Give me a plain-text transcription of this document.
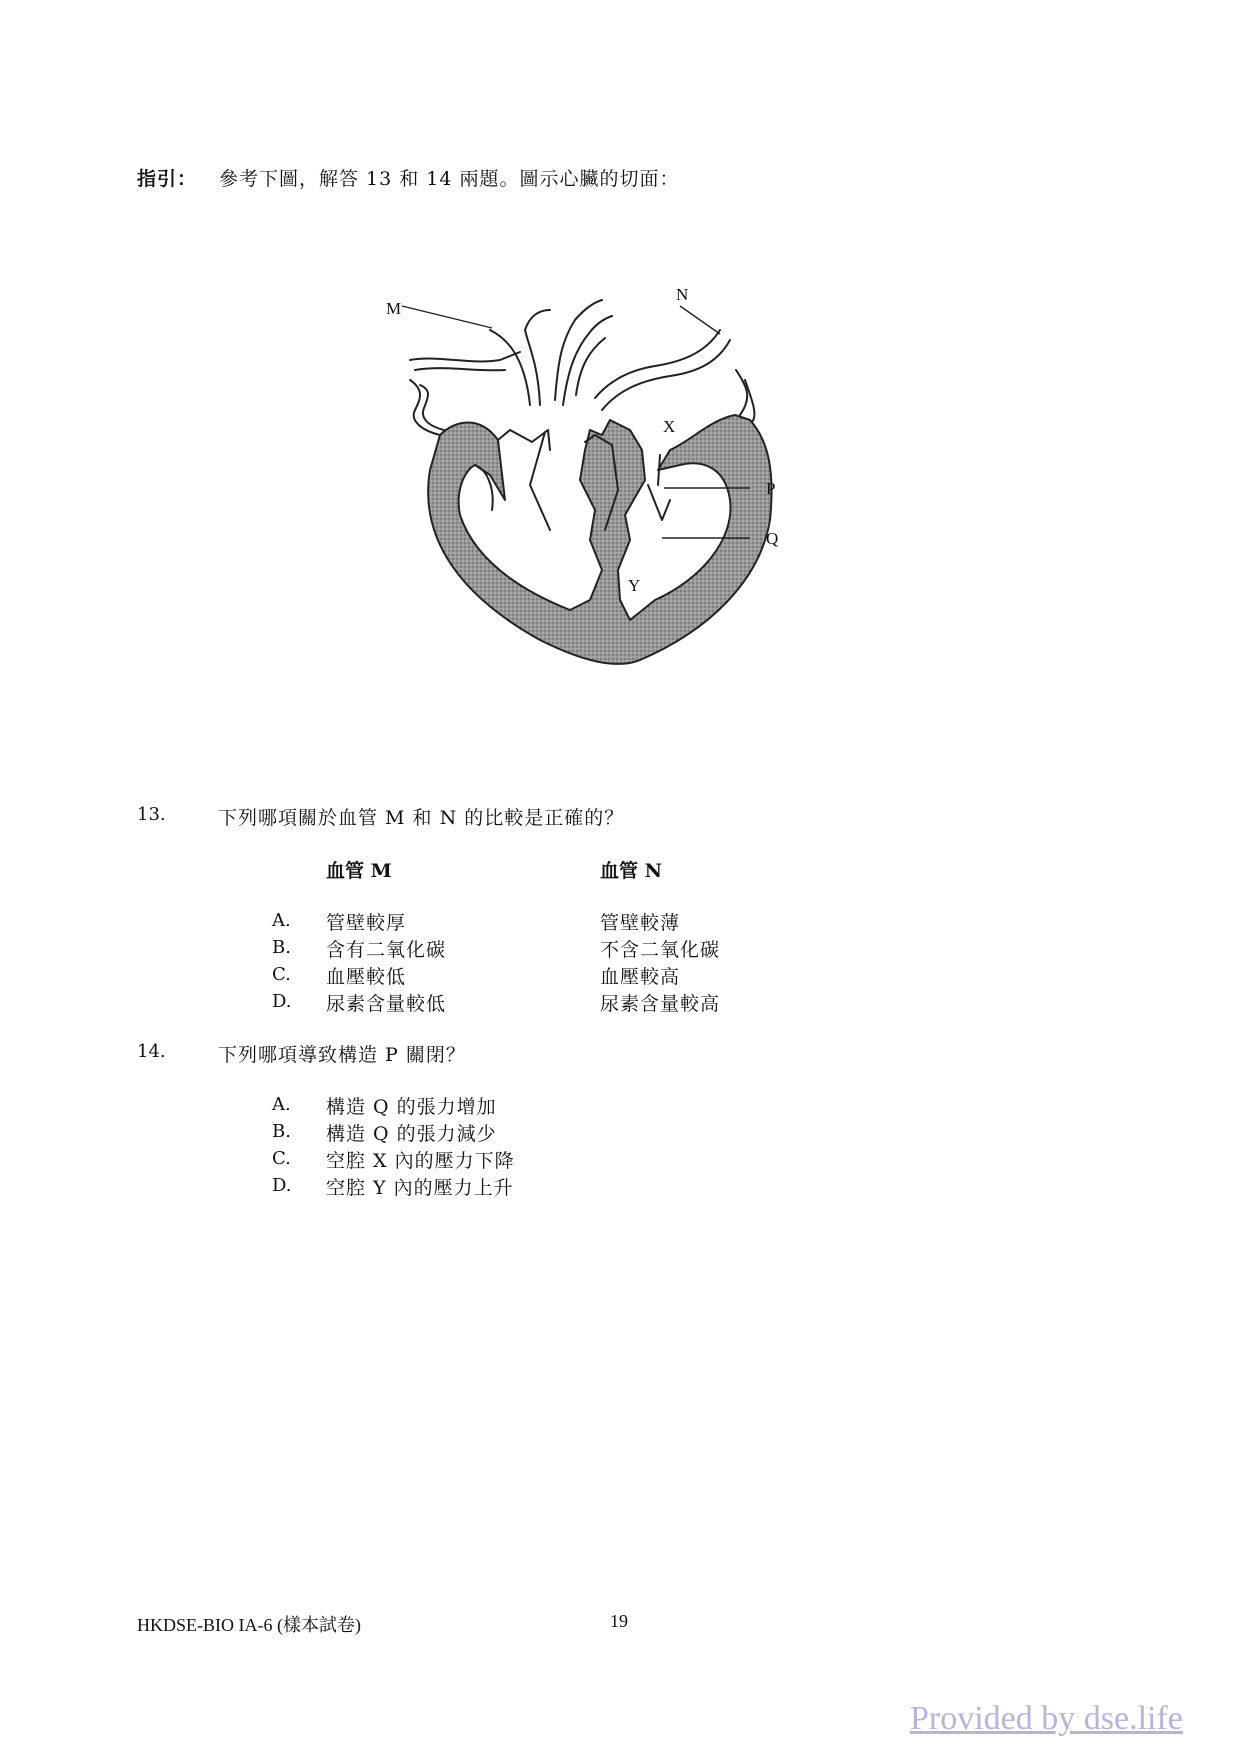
指引： 參考下圖，解答 13 和 14 兩題。圖示心臟的切面：
M
N
X
Y
P
Q
13.	下列哪項關於血管 M 和 N 的比較是正確的？
血管 M	血管 N
A. 管壁較厚	管壁較薄
B. 含有二氧化碳	不含二氧化碳
C. 血壓較低	血壓較高
D. 尿素含量較低	尿素含量較高
14.	下列哪項導致構造 P 關閉？
A. 構造 Q 的張力增加
B. 構造 Q 的張力減少
C. 空腔 X 內的壓力下降
D. 空腔 Y 內的壓力上升
HKDSE-BIO IA-6 (樣本試卷)	19
Provided by dse.life
